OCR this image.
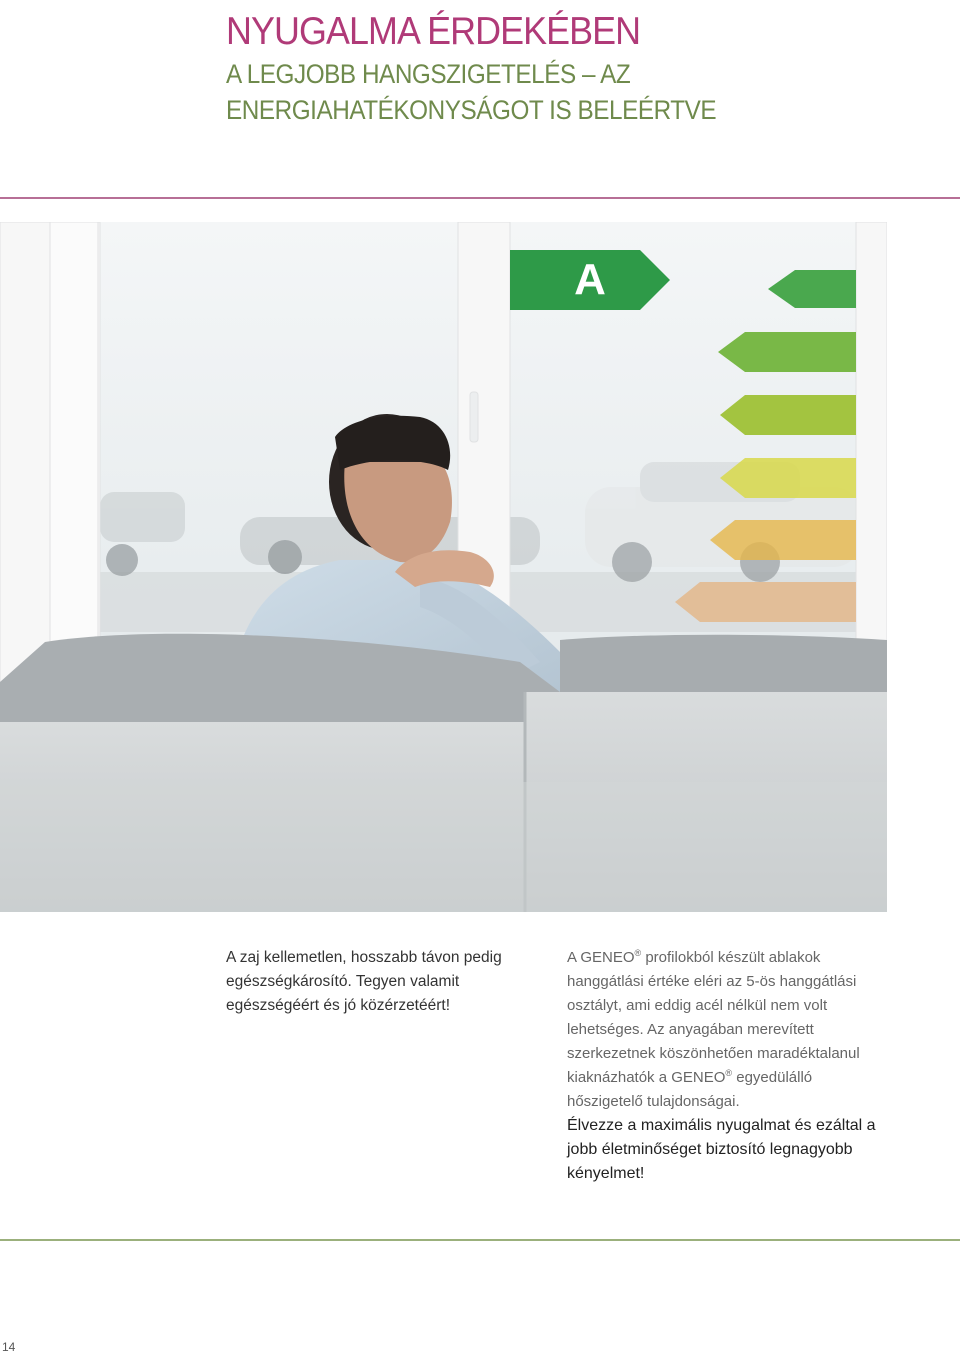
NYUGALMA ÉRDEKÉBEN
A LEGJOBB HANGSZIGETELÉS – AZ ENERGIAHATÉKONYSÁGOT IS BELEÉRTVE
A

A zaj kellemetlen, hosszabb távon pedig egészségkárosító. Tegyen valamit egészségéért és jó közérzetéért!

A GENEO® profilokból készült ablakok hanggátlási értéke eléri az 5-ös hanggátlási osztályt, ami eddig acél nélkül nem volt lehetséges. Az anyagában merevített szerkezetnek köszönhetően maradéktalanul kiaknázhatók a GENEO® egyedülálló hőszigetelő tulajdonságai.

Élvezze a maximális nyugalmat és ezáltal a jobb életminőséget biztosító legnagyobb kényelmet!

14
